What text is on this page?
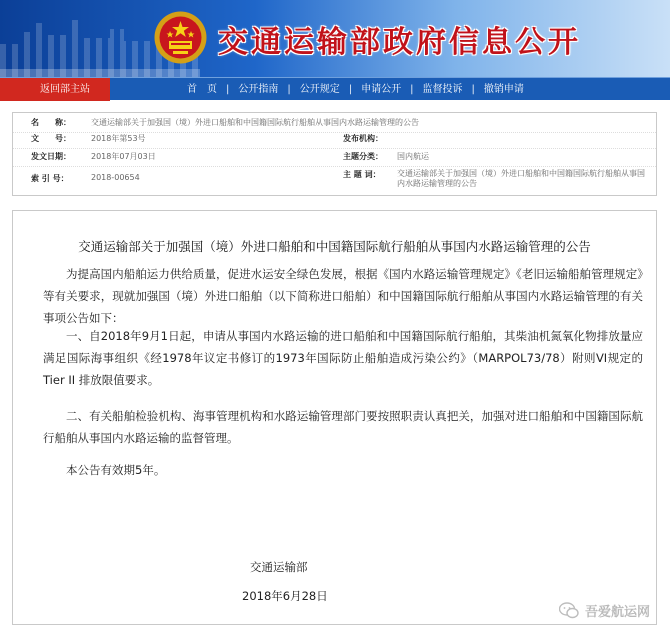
交通运输部政府信息公开
返回部主站	首　页 | 公开指南 | 公开规定 | 申请公开 | 监督投诉 | 撤销申请
名　　称：	交通运输部关于加强国（境）外进口船舶和中国籍国际航行船舶从事国内水路运输管理的公告
文　　号：	2018年第53号	发布机构：
发文日期：	2018年07月03日	主题分类： 国内航运
索 引 号：	2018-00654	主 题 词： 交通运输部关于加强国（境）外进口船舶和中国籍国际航行船舶从事国内水路运输管理的公告
交通运输部关于加强国（境）外进口船舶和中国籍国际航行船舶从事国内水路运输管理的公告
为提高国内船舶运力供给质量，促进水运安全绿色发展，根据《国内水路运输管理规定》《老旧运输船舶管理规定》等有关要求，现就加强国（境）外进口船舶（以下简称进口船舶）和中国籍国际航行船舶从事国内水路运输管理的有关事项公告如下：
一、自2018年9月1日起，申请从事国内水路运输的进口船舶和中国籍国际航行船舶，其柴油机氮氧化物排放量应满足国际海事组织《经1978年议定书修订的1973年国际防止船舶造成污染公约》（MARPOL73/78）附则VI规定的Tier II 排放限值要求。
二、有关船舶检验机构、海事管理机构和水路运输管理部门要按照职责认真把关，加强对进口船舶和中国籍国际航行船舶从事国内水路运输的监督管理。
本公告有效期5年。
交通运输部
2018年6月28日
吾爱航运网
